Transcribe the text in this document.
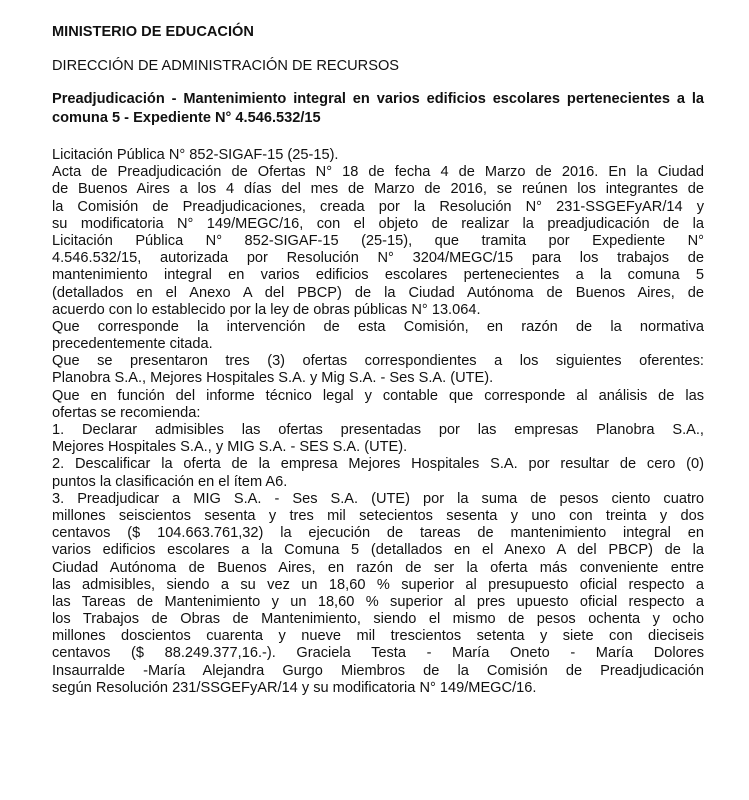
MINISTERIO DE EDUCACIÓN

DIRECCIÓN DE ADMINISTRACIÓN DE RECURSOS

Preadjudicación - Mantenimiento integral en varios edificios escolares pertenecientes a la comuna 5 - Expediente N° 4.546.532/15

Licitación Pública N° 852-SIGAF-15 (25-15).
Acta de Preadjudicación de Ofertas N° 18 de fecha 4 de Marzo de 2016. En la Ciudad
de Buenos Aires a los 4 días del mes de Marzo de 2016, se reúnen los integrantes de
la Comisión de Preadjudicaciones, creada por la Resolución N° 231-SSGEFyAR/14 y
su modificatoria N° 149/MEGC/16, con el objeto de realizar la preadjudicación de la
Licitación Pública N° 852-SIGAF-15 (25-15), que tramita por Expediente N°
4.546.532/15, autorizada por Resolución N° 3204/MEGC/15 para los trabajos de
mantenimiento integral en varios edificios escolares pertenecientes a la comuna 5
(detallados en el Anexo A del PBCP) de la Ciudad Autónoma de Buenos Aires, de
acuerdo con lo establecido por la ley de obras públicas N° 13.064.
Que corresponde la intervención de esta Comisión, en razón de la normativa
precedentemente citada.
Que se presentaron tres (3) ofertas correspondientes a los siguientes oferentes:
Planobra S.A., Mejores Hospitales S.A. y Mig S.A. - Ses S.A. (UTE).
Que en función del informe técnico legal y contable que corresponde al análisis de las
ofertas se recomienda:
1. Declarar admisibles las ofertas presentadas por las empresas Planobra S.A.,
Mejores Hospitales S.A., y MIG S.A. - SES S.A. (UTE).
2. Descalificar la oferta de la empresa Mejores Hospitales S.A. por resultar de cero (0)
puntos la clasificación en el ítem A6.
3. Preadjudicar a MIG S.A. - Ses S.A. (UTE) por la suma de pesos ciento cuatro
millones seiscientos sesenta y tres mil setecientos sesenta y uno con treinta y dos
centavos ($ 104.663.761,32) la ejecución de tareas de mantenimiento integral en
varios edificios escolares a la Comuna 5 (detallados en el Anexo A del PBCP) de la
Ciudad Autónoma de Buenos Aires, en razón de ser la oferta más conveniente entre
las admisibles, siendo a su vez un 18,60 % superior al presupuesto oficial respecto a
las Tareas de Mantenimiento y un 18,60 % superior al pres upuesto oficial respecto a
los Trabajos de Obras de Mantenimiento, siendo el mismo de pesos ochenta y ocho
millones doscientos cuarenta y nueve mil trescientos setenta y siete con dieciseis
centavos ($ 88.249.377,16.-). Graciela Testa - María Oneto - María Dolores
Insaurralde -María Alejandra Gurgo Miembros de la Comisión de Preadjudicación
según Resolución 231/SSGEFyAR/14 y su modificatoria N° 149/MEGC/16.
